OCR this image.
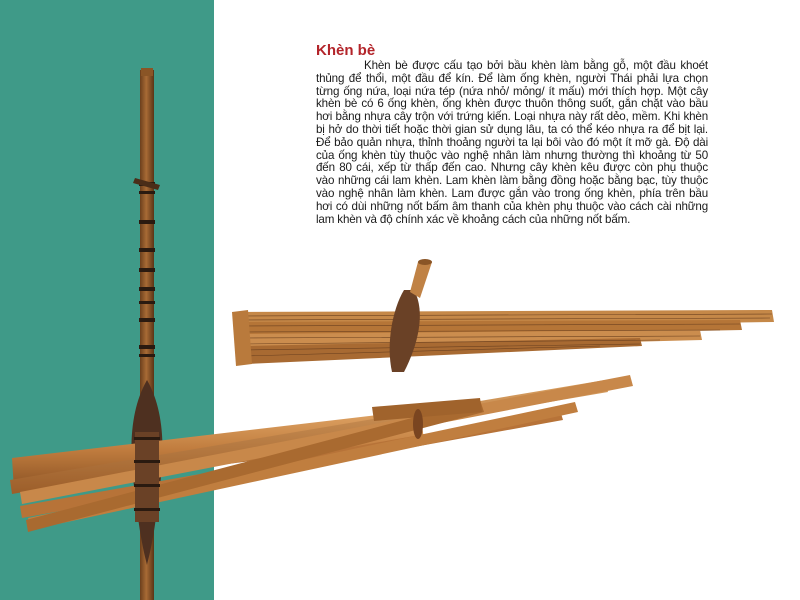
Khèn bè

Khèn bè được cấu tạo bởi bầu khèn làm bằng gỗ, một đầu khoét thủng để thổi, một đầu để kín. Để làm ống khèn, người Thái phải lựa chọn từng ống nứa, loại nứa tép (nứa nhỏ/ mỏng/ ít mấu) mới thích hợp. Một cây khèn bè có 6 ống khèn, ống khèn được thuôn thông suốt, gắn chặt vào bầu hơi bằng nhựa cây trộn với trứng kiến. Loại nhựa này rất dẻo, mềm. Khi khèn bị hở do thời tiết hoặc thời gian sử dụng lâu, ta có thể kéo nhựa ra để bịt lại. Để bảo quản nhựa, thỉnh thoảng người ta lại bôi vào đó một ít mỡ gà. Độ dài của ống khèn tùy thuộc vào nghệ nhân làm nhưng thường thì khoảng từ 50 đến 80 cái, xếp từ thấp đến cao. Nhưng cây khèn kêu được còn phụ thuộc vào những cái lam khèn. Lam khèn làm bằng đồng hoặc bằng bạc, tùy thuộc vào nghệ nhân làm khèn. Lam được gắn vào trong ống khèn, phía trên bầu hơi có dùi những nốt bấm âm thanh của khèn phụ thuộc vào cách cài những lam khèn và độ chính xác về khoảng cách của những nốt bấm.
